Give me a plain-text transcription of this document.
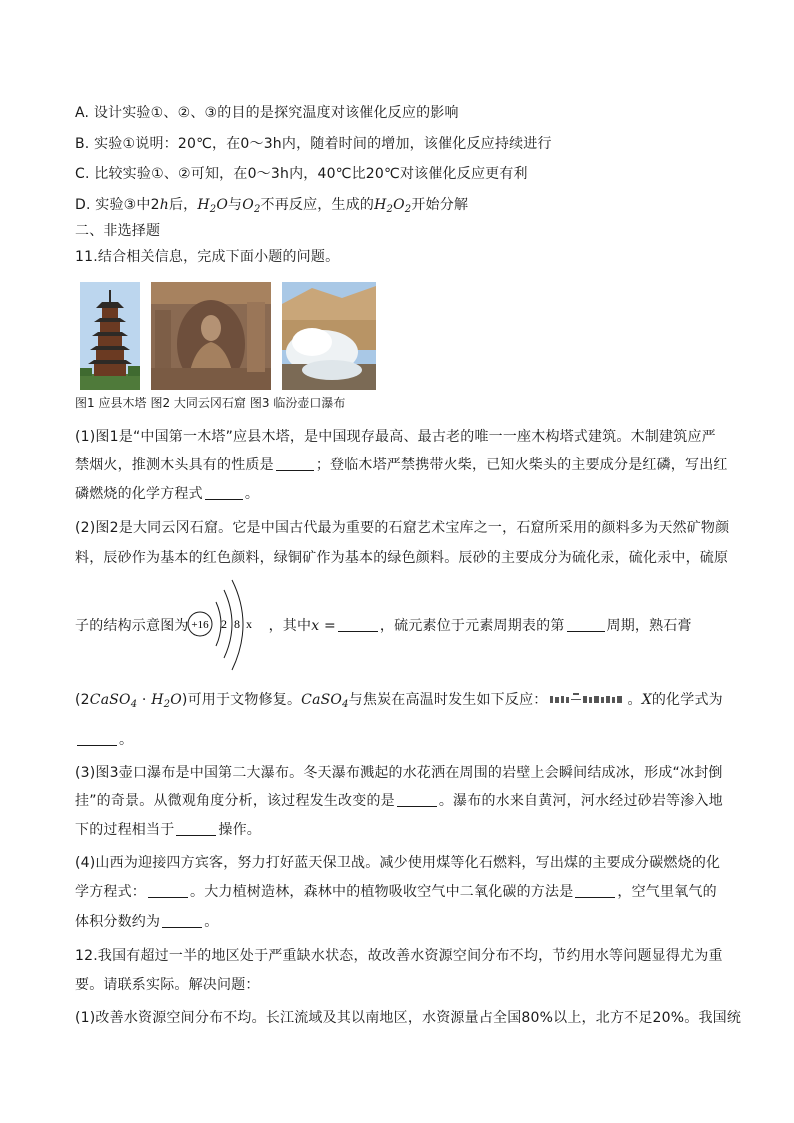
A. 设计实验①、②、③的目的是探究温度对该催化反应的影响
B. 实验①说明：20℃，在0～3h内，随着时间的增加，该催化反应持续进行
C. 比较实验①、②可知，在0～3h内，40℃比20℃对该催化反应更有利
D. 实验③中2h后，$H_2O$与$O_2$不再反应，生成的$H_2O_2$开始分解
二、非选择题
11.结合相关信息，完成下面小题的问题。
图1 应县木塔 图2 大同云冈石窟 图3 临汾壶口瀑布
(1)图1是“中国第一木塔”应县木塔，是中国现存最高、最古老的唯一一座木构塔式建筑。木制建筑应严
禁烟火，推测木头具有的性质是	；登临木塔严禁携带火柴，已知火柴头的主要成分是红磷，写出红
磷燃烧的化学方程式	。
(2)图2是大同云冈石窟。它是中国古代最为重要的石窟艺术宝库之一，石窟所采用的颜料多为天然矿物颜
料，辰砂作为基本的红色颜料，绿铜矿作为基本的绿色颜料。辰砂的主要成分为硫化汞，硫化汞中，硫原
+16 2 8 x
子的结构示意图为	，其中x =	，硫元素位于元素周期表的第	周期，熟石膏
(2CaSO$_4$ · $H_2O$)可用于文物修复。CaSO$_4$与焦炭在高温时发生如下反应：	。X的化学式为
。
(3)图3壶口瀑布是中国第二大瀑布。冬天瀑布溅起的水花洒在周围的岩壁上会瞬间结成冰，形成“冰封倒
挂”的奇景。从微观角度分析，该过程发生改变的是	。瀑布的水来自黄河，河水经过砂岩等渗入地
下的过程相当于	操作。
(4)山西为迎接四方宾客，努力打好蓝天保卫战。减少使用煤等化石燃料，写出煤的主要成分碳燃烧的化
学方程式：	。大力植树造林，森林中的植物吸收空气中二氧化碳的方法是	，空气里氧气的
体积分数约为	。
12.我国有超过一半的地区处于严重缺水状态，故改善水资源空间分布不均，节约用水等问题显得尤为重
要。请联系实际。解决问题：
(1)改善水资源空间分布不均。长江流域及其以南地区，水资源量占全国80%以上，北方不足20%。我国统
